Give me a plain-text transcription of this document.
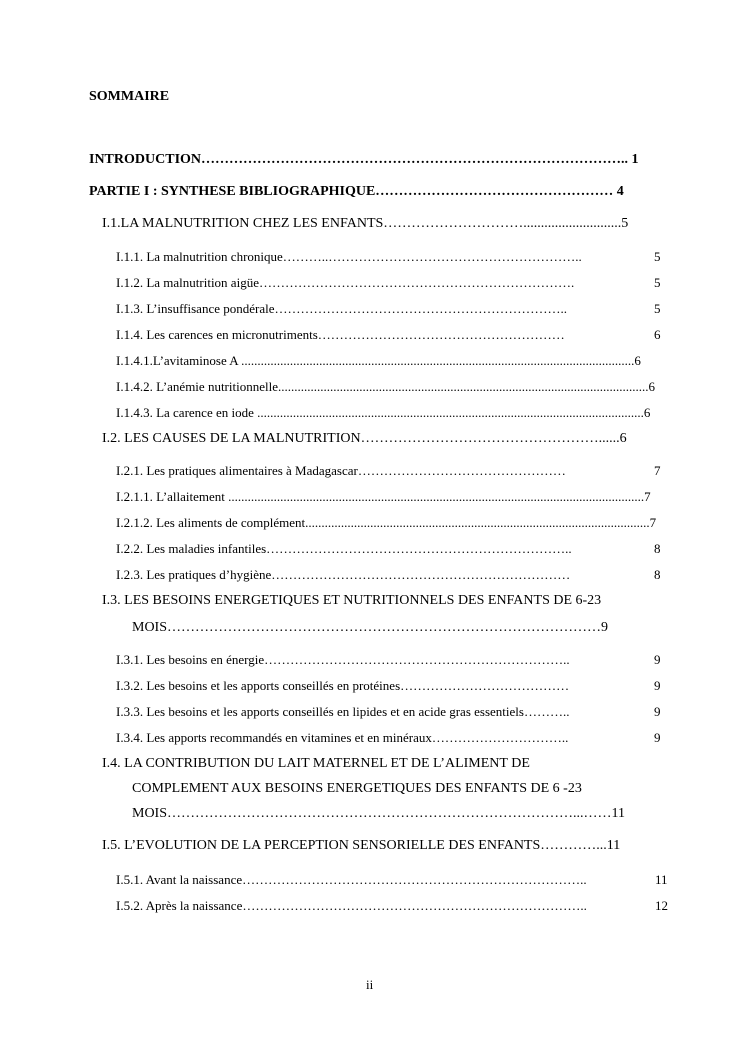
SOMMAIRE
INTRODUCTION……………………………………………………………………………….. 1
PARTIE I : SYNTHESE BIBLIOGRAPHIQUE…………………………………………… 4
I.1.LA MALNUTRITION CHEZ LES ENFANTS…………………………............................5
I.1.1. La malnutrition chronique………..…………………………………………………..	5
I.1.2. La malnutrition aigüe……………………………………………………………….	5
I.1.3. L’insuffisance pondérale…………………………………………………………..	5
I.1.4. Les carences en micronutriments…………………………………………………	6
I.1.4.1.L’avitaminose A .........................................................................................................................6
I.1.4.2. L’anémie nutritionnelle..................................................................................................................6
I.1.4.3. La carence en iode .......................................................................................................................6
I.2. LES CAUSES DE LA MALNUTRITION……………………………………………......6
I.2.1. Les pratiques alimentaires à Madagascar…………………………………………	7
I.2.1.1. L’allaitement ................................................................................................................................7
I.2.1.2. Les aliments de complément..........................................................................................................7
I.2.2. Les maladies infantiles……………………………………………………………..	8
I.2.3. Les pratiques d’hygiène……………………………………………………………	8
I.3. LES BESOINS ENERGETIQUES ET NUTRITIONNELS DES ENFANTS DE 6-23
MOIS…………………………………………………………………………………9
I.3.1. Les besoins en énergie……………………………………………………………..	9
I.3.2. Les besoins et les apports conseillés en protéines…………………………………	9
I.3.3. Les besoins et les apports conseillés en lipides et en acide gras essentiels………..	9
I.3.4. Les apports recommandés en vitamines et en minéraux…………………………..	9
I.4. LA CONTRIBUTION DU LAIT MATERNEL ET DE L’ALIMENT DE
COMPLEMENT AUX BESOINS ENERGETIQUES DES ENFANTS DE 6 -23
MOIS……………………………………………………………………………...……11
I.5. L’EVOLUTION DE LA PERCEPTION SENSORIELLE DES ENFANTS…………...11
I.5.1. Avant la naissance……………………………………………………………………..	11
I.5.2. Après la naissance……………………………………………………………………..	12
ii
